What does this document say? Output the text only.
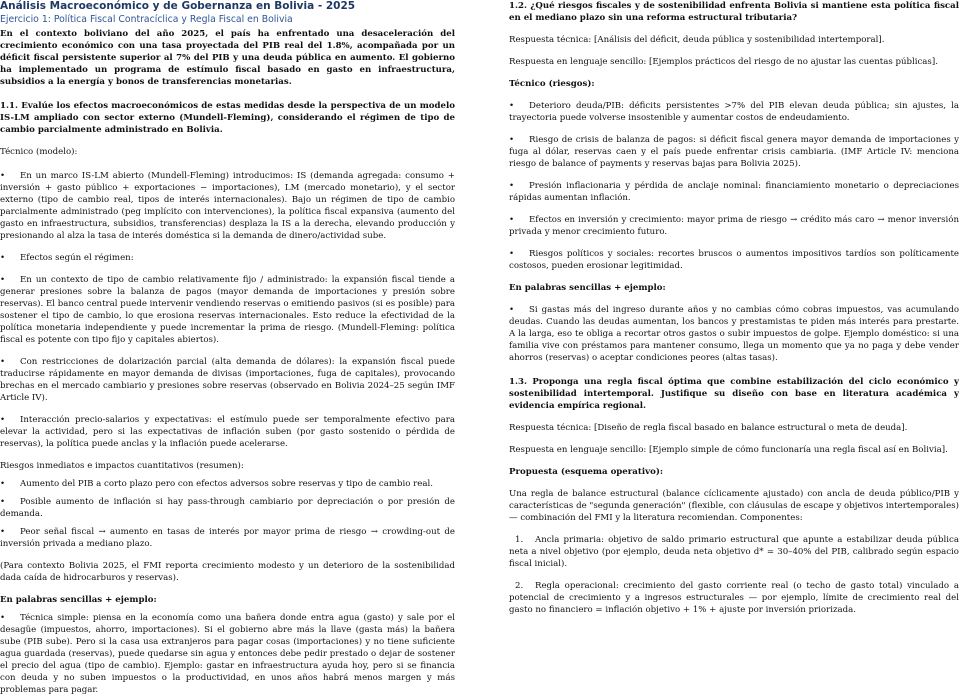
Análisis Macroeconómico y de Gobernanza en Bolivia - 2025

Ejercicio 1: Política Fiscal Contracíclica y Regla Fiscal en Bolivia

En el contexto boliviano del año 2025, el país ha enfrentado una desaceleración del crecimiento económico con una tasa proyectada del PIB real del 1.8%, acompañada por un déficit fiscal persistente superior al 7% del PIB y una deuda pública en aumento. El gobierno ha implementado un programa de estímulo fiscal basado en gasto en infraestructura, subsidios a la energía y bonos de transferencias monetarias.

1.1. Evalúe los efectos macroeconómicos de estas medidas desde la perspectiva de un modelo IS-LM ampliado con sector externo (Mundell-Fleming), considerando el régimen de tipo de cambio parcialmente administrado en Bolivia.

Técnico (modelo):

• En un marco IS-LM abierto (Mundell-Fleming) introducimos: IS (demanda agregada: consumo + inversión + gasto público + exportaciones − importaciones), LM (mercado monetario), y el sector externo (tipo de cambio real, tipos de interés internacionales). Bajo un régimen de tipo de cambio parcialmente administrado (peg implícito con intervenciones), la política fiscal expansiva (aumento del gasto en infraestructura, subsidios, transferencias) desplaza la IS a la derecha, elevando producción y presionando al alza la tasa de interés doméstica si la demanda de dinero/actividad sube.

• Efectos según el régimen:

• En un contexto de tipo de cambio relativamente fijo / administrado: la expansión fiscal tiende a generar presiones sobre la balanza de pagos (mayor demanda de importaciones y presión sobre reservas). El banco central puede intervenir vendiendo reservas o emitiendo pasivos (si es posible) para sostener el tipo de cambio, lo que erosiona reservas internacionales. Esto reduce la efectividad de la política monetaria independiente y puede incrementar la prima de riesgo. (Mundell-Fleming: política fiscal es potente con tipo fijo y capitales abiertos).

• Con restricciones de dolarización parcial (alta demanda de dólares): la expansión fiscal puede traducirse rápidamente en mayor demanda de divisas (importaciones, fuga de capitales), provocando brechas en el mercado cambiario y presiones sobre reservas (observado en Bolivia 2024–25 según IMF Article IV).

• Interacción precio-salarios y expectativas: el estímulo puede ser temporalmente efectivo para elevar la actividad, pero si las expectativas de inflación suben (por gasto sostenido o pérdida de reservas), la política puede anclas y la inflación puede acelerarse.

Riesgos inmediatos e impactos cuantitativos (resumen):

• Aumento del PIB a corto plazo pero con efectos adversos sobre reservas y tipo de cambio real.

• Posible aumento de inflación si hay pass-through cambiario por depreciación o por presión de demanda.

• Peor señal fiscal → aumento en tasas de interés por mayor prima de riesgo → crowding-out de inversión privada a mediano plazo.

(Para contexto Bolivia 2025, el FMI reporta crecimiento modesto y un deterioro de la sostenibilidad dada caída de hidrocarburos y reservas).

En palabras sencillas + ejemplo:

• Técnica simple: piensa en la economía como una bañera donde entra agua (gasto) y sale por el desagüe (impuestos, ahorro, importaciones). Si el gobierno abre más la llave (gasta más) la bañera sube (PIB sube). Pero si la casa usa extranjeros para pagar cosas (importaciones) y no tiene suficiente agua guardada (reservas), puede quedarse sin agua y entonces debe pedir prestado o dejar de sostener el precio del agua (tipo de cambio). Ejemplo: gastar en infraestructura ayuda hoy, pero si se financia con deuda y no suben impuestos o la productividad, en unos años habrá menos margen y más problemas para pagar.

1.2. ¿Qué riesgos fiscales y de sostenibilidad enfrenta Bolivia si mantiene esta política fiscal en el mediano plazo sin una reforma estructural tributaria?

Respuesta técnica: [Análisis del déficit, deuda pública y sostenibilidad intertemporal].

Respuesta en lenguaje sencillo: [Ejemplos prácticos del riesgo de no ajustar las cuentas públicas].

Técnico (riesgos):

• Deterioro deuda/PIB: déficits persistentes >7% del PIB elevan deuda pública; sin ajustes, la trayectoria puede volverse insostenible y aumentar costos de endeudamiento.

• Riesgo de crisis de balanza de pagos: si déficit fiscal genera mayor demanda de importaciones y fuga al dólar, reservas caen y el país puede enfrentar crisis cambiaria. (IMF Article IV: menciona riesgo de balance of payments y reservas bajas para Bolivia 2025).

• Presión inflacionaria y pérdida de anclaje nominal: financiamiento monetario o depreciaciones rápidas aumentan inflación.

• Efectos en inversión y crecimiento: mayor prima de riesgo → crédito más caro → menor inversión privada y menor crecimiento futuro.

• Riesgos políticos y sociales: recortes bruscos o aumentos impositivos tardíos son políticamente costosos, pueden erosionar legitimidad.

En palabras sencillas + ejemplo:

• Si gastas más del ingreso durante años y no cambias cómo cobras impuestos, vas acumulando deudas. Cuando las deudas aumentan, los bancos y prestamistas te piden más interés para prestarte. A la larga, eso te obliga a recortar otros gastos o subir impuestos de golpe. Ejemplo doméstico: si una familia vive con préstamos para mantener consumo, llega un momento que ya no paga y debe vender ahorros (reservas) o aceptar condiciones peores (altas tasas).

1.3. Proponga una regla fiscal óptima que combine estabilización del ciclo económico y sostenibilidad intertemporal. Justifique su diseño con base en literatura académica y evidencia empírica regional.

Respuesta técnica: [Diseño de regla fiscal basado en balance estructural o meta de deuda].

Respuesta en lenguaje sencillo: [Ejemplo simple de cómo funcionaría una regla fiscal así en Bolivia].

Propuesta (esquema operativo):

Una regla de balance estructural (balance cíclicamente ajustado) con ancla de deuda público/PIB y características de "segunda generación" (flexible, con cláusulas de escape y objetivos intertemporales) — combinación del FMI y la literatura recomiendan. Componentes:

1. Ancla primaria: objetivo de saldo primario estructural que apunte a estabilizar deuda pública neta a nivel objetivo (por ejemplo, deuda neta objetivo d* = 30–40% del PIB, calibrado según espacio fiscal inicial).

2. Regla operacional: crecimiento del gasto corriente real (o techo de gasto total) vinculado a potencial de crecimiento y a ingresos estructurales — por ejemplo, límite de crecimiento real del gasto no financiero = inflación objetivo + 1% + ajuste por inversión priorizada.
